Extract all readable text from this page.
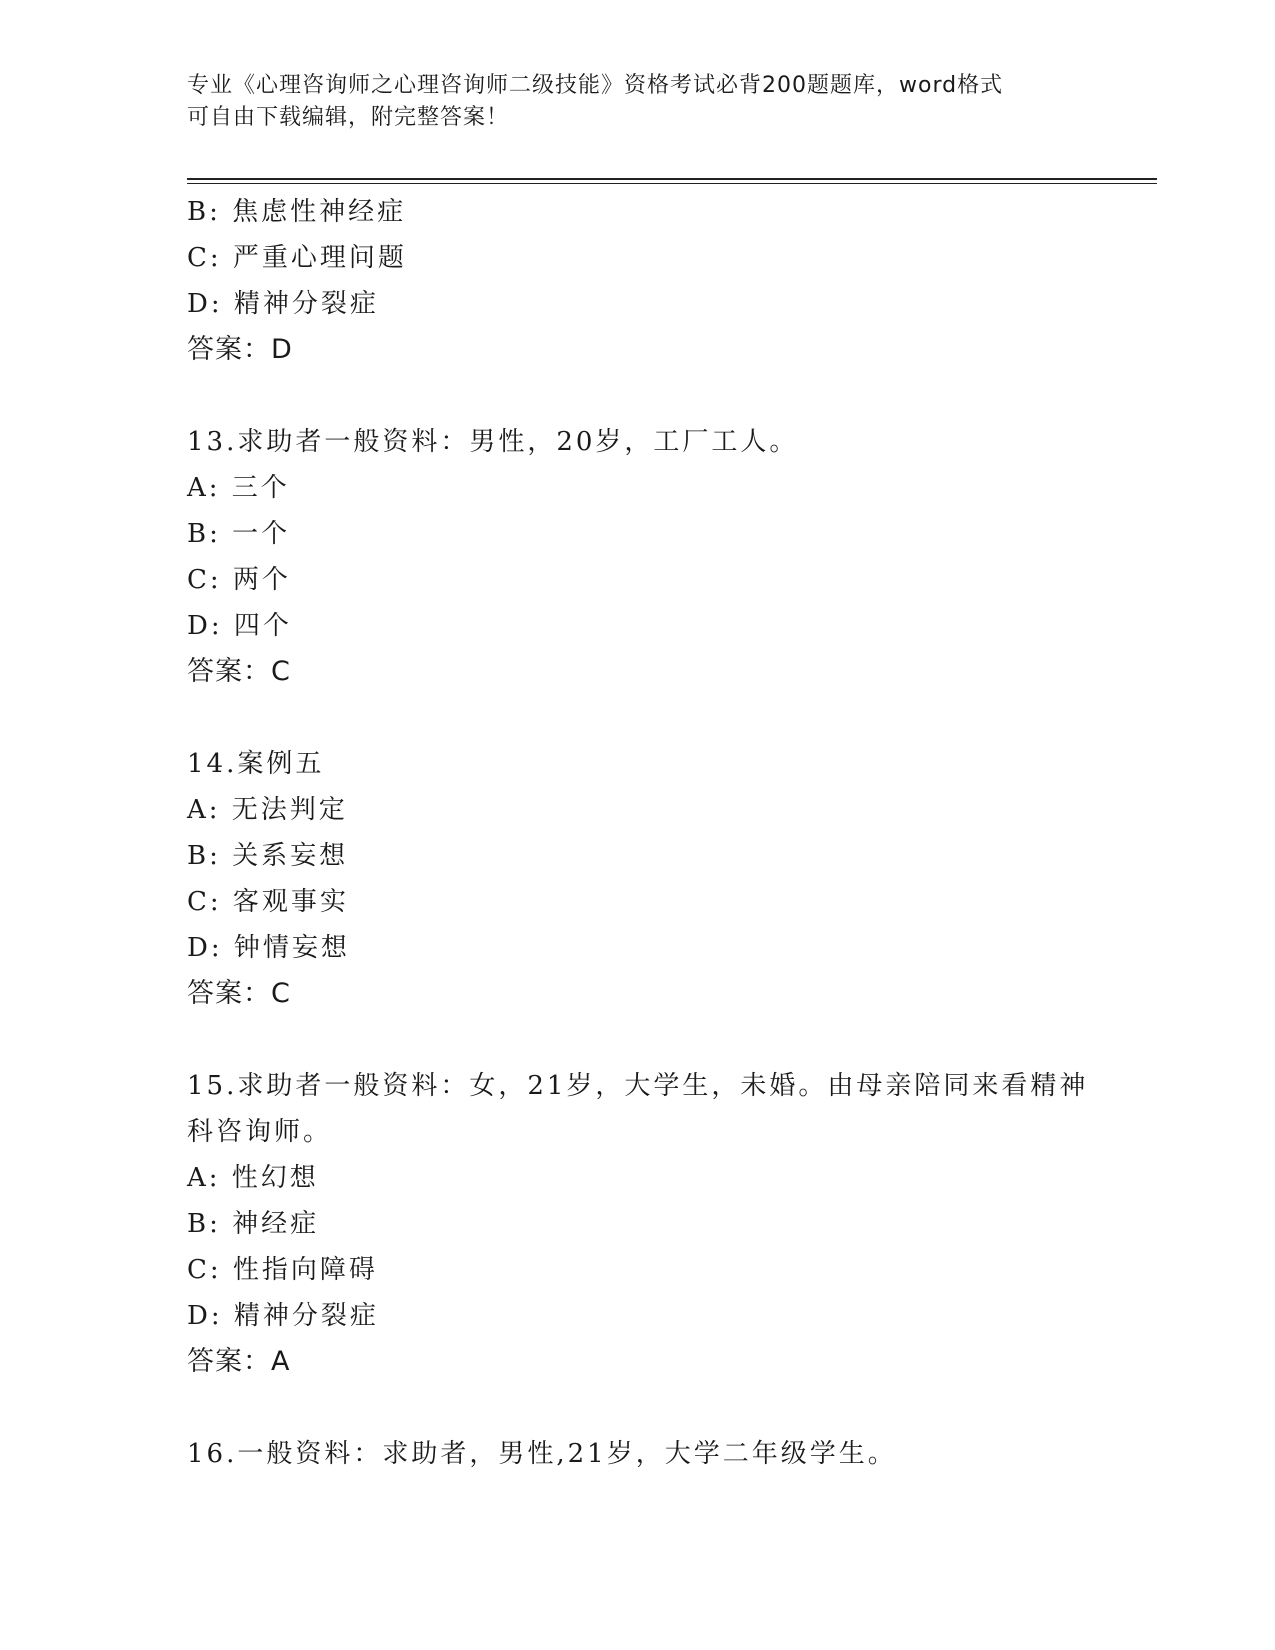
专业《心理咨询师之心理咨询师二级技能》资格考试必背200题题库，word格式
可自由下载编辑，附完整答案！
B: 焦虑性神经症
C: 严重心理问题
D: 精神分裂症
答案：D
13.求助者一般资料：男性，20岁，工厂工人。
A: 三个
B: 一个
C: 两个
D: 四个
答案：C
14.案例五
A: 无法判定
B: 关系妄想
C: 客观事实
D: 钟情妄想
答案：C
15.求助者一般资料：女，21岁，大学生，未婚。由母亲陪同来看精神
科咨询师。
A: 性幻想
B: 神经症
C: 性指向障碍
D: 精神分裂症
答案：A
16.一般资料：求助者，男性,21岁，大学二年级学生。
